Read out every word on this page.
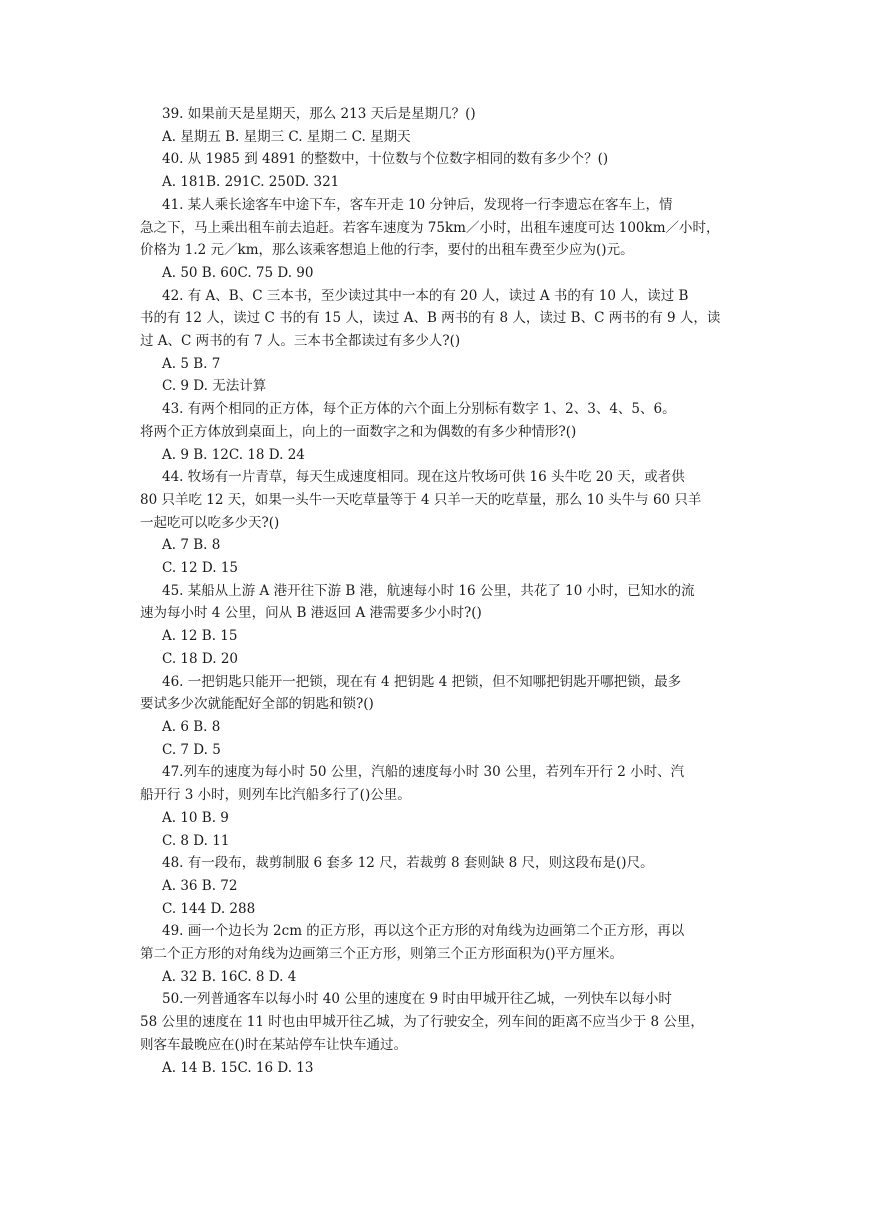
39. 如果前天是星期天，那么 213 天后是星期几？()
A. 星期五 B. 星期三 C. 星期二 C. 星期天
40. 从 1985 到 4891 的整数中，十位数与个位数字相同的数有多少个？()
A. 181B. 291C. 250D. 321
41. 某人乘长途客车中途下车，客车开走 10 分钟后，发现将一行李遗忘在客车上，情
急之下，马上乘出租车前去追赶。若客车速度为 75km／小时，出租车速度可达 100km／小时，
价格为 1.2 元／km，那么该乘客想追上他的行李，要付的出租车费至少应为()元。
A. 50 B. 60C. 75 D. 90
42. 有 A、B、C 三本书，至少读过其中一本的有 20 人，读过 A 书的有 10 人，读过 B
书的有 12 人，读过 C 书的有 15 人，读过 A、B 两书的有 8 人，读过 B、C 两书的有 9 人，读
过 A、C 两书的有 7 人。三本书全都读过有多少人?()
A. 5 B. 7
C. 9 D. 无法计算
43. 有两个相同的正方体，每个正方体的六个面上分别标有数字 1、2、3、4、5、6。
将两个正方体放到桌面上，向上的一面数字之和为偶数的有多少种情形?()
A. 9 B. 12C. 18 D. 24
44. 牧场有一片青草，每天生成速度相同。现在这片牧场可供 16 头牛吃 20 天，或者供
80 只羊吃 12 天，如果一头牛一天吃草量等于 4 只羊一天的吃草量，那么 10 头牛与 60 只羊
一起吃可以吃多少天?()
A. 7 B. 8
C. 12 D. 15
45. 某船从上游 A 港开往下游 B 港，航速每小时 16 公里，共花了 10 小时，已知水的流
速为每小时 4 公里，问从 B 港返回 A 港需要多少小时?()
A. 12 B. 15
C. 18 D. 20
46. 一把钥匙只能开一把锁，现在有 4 把钥匙 4 把锁，但不知哪把钥匙开哪把锁，最多
要试多少次就能配好全部的钥匙和锁?()
A. 6 B. 8
C. 7 D. 5
47.列车的速度为每小时 50 公里，汽船的速度每小时 30 公里，若列车开行 2 小时、汽
船开行 3 小时，则列车比汽船多行了()公里。
A. 10 B. 9
C. 8 D. 11
48. 有一段布，裁剪制服 6 套多 12 尺，若裁剪 8 套则缺 8 尺，则这段布是()尺。
A. 36 B. 72
C. 144 D. 288
49. 画一个边长为 2cm 的正方形，再以这个正方形的对角线为边画第二个正方形，再以
第二个正方形的对角线为边画第三个正方形，则第三个正方形面积为()平方厘米。
A. 32 B. 16C. 8 D. 4
50.一列普通客车以每小时 40 公里的速度在 9 时由甲城开往乙城，一列快车以每小时
58 公里的速度在 11 时也由甲城开往乙城，为了行驶安全，列车间的距离不应当少于 8 公里，
则客车最晚应在()时在某站停车让快车通过。
A. 14 B. 15C. 16 D. 13
